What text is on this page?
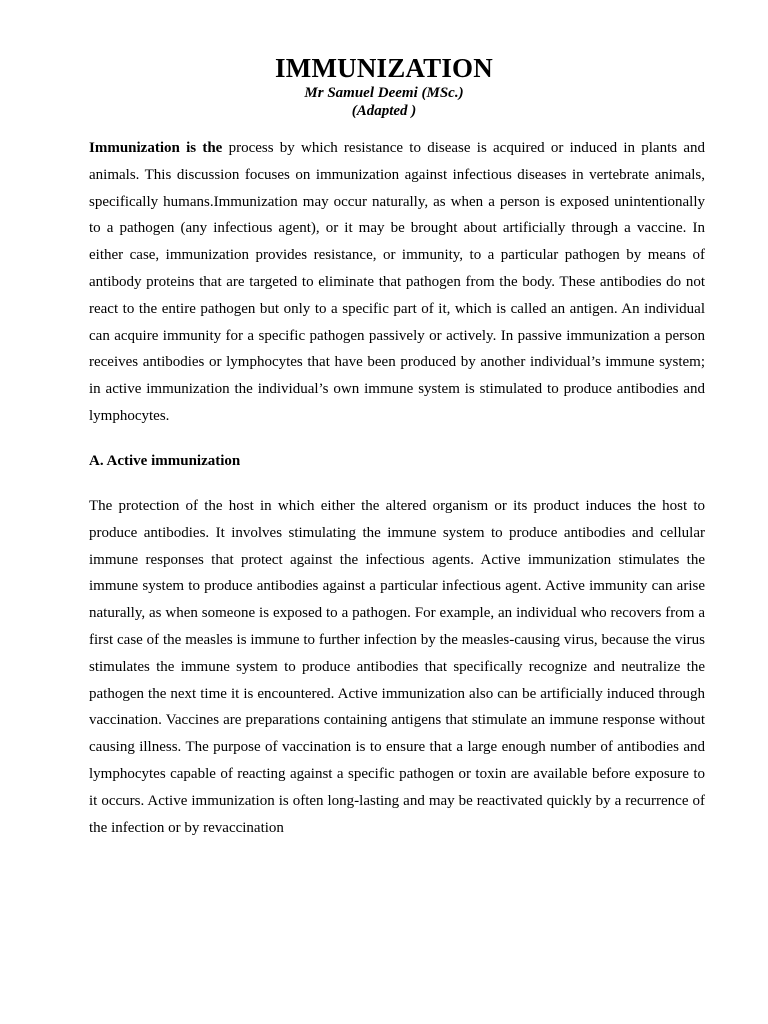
IMMUNIZATION

Mr Samuel Deemi (MSc.)

(Adapted )

Immunization is the process by which resistance to disease is acquired or induced in plants and animals. This discussion focuses on immunization against infectious diseases in vertebrate animals, specifically humans.Immunization may occur naturally, as when a person is exposed unintentionally to a pathogen (any infectious agent), or it may be brought about artificially through a vaccine. In either case, immunization provides resistance, or immunity, to a particular pathogen by means of antibody proteins that are targeted to eliminate that pathogen from the body. These antibodies do not react to the entire pathogen but only to a specific part of it, which is called an antigen. An individual can acquire immunity for a specific pathogen passively or actively. In passive immunization a person receives antibodies or lymphocytes that have been produced by another individual’s immune system; in active immunization the individual’s own immune system is stimulated to produce antibodies and lymphocytes.

A. Active immunization

The protection of the host in which either the altered organism or its product induces the host to produce antibodies. It involves stimulating the immune system to produce antibodies and cellular immune responses that protect against the infectious agents. Active immunization stimulates the immune system to produce antibodies against a particular infectious agent. Active immunity can arise naturally, as when someone is exposed to a pathogen. For example, an individual who recovers from a first case of the measles is immune to further infection by the measles-causing virus, because the virus stimulates the immune system to produce antibodies that specifically recognize and neutralize the pathogen the next time it is encountered. Active immunization also can be artificially induced through vaccination. Vaccines are preparations containing antigens that stimulate an immune response without causing illness. The purpose of vaccination is to ensure that a large enough number of antibodies and lymphocytes capable of reacting against a specific pathogen or toxin are available before exposure to it occurs. Active immunization is often long-lasting and may be reactivated quickly by a recurrence of the infection or by revaccination
